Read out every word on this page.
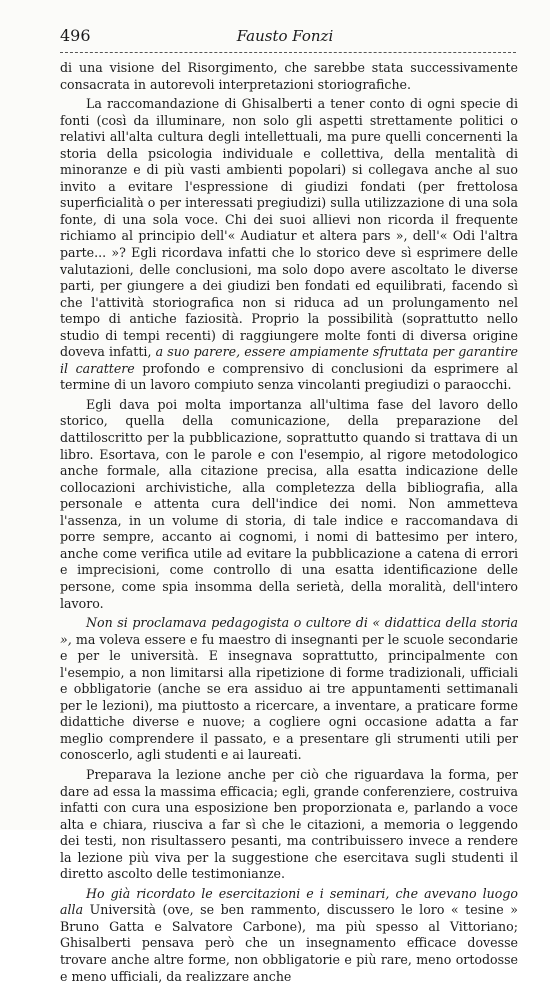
496	Fausto Fonzi

di una visione del Risorgimento, che sarebbe stata successivamente consacrata in autorevoli interpretazioni storiografiche.

La raccomandazione di Ghisalberti a tener conto di ogni specie di fonti (così da illuminare, non solo gli aspetti strettamente politici o relativi all'alta cultura degli intellettuali, ma pure quelli concernenti la storia della psicologia individuale e collettiva, della mentalità di minoranze e di più vasti ambienti popolari) si collegava anche al suo invito a evitare l'espressione di giudizi fondati (per frettolosa superficialità o per interessati pregiudizi) sulla utilizzazione di una sola fonte, di una sola voce. Chi dei suoi allievi non ricorda il frequente richiamo al principio dell'« Audiatur et altera pars », dell'« Odi l'altra parte... »? Egli ricordava infatti che lo storico deve sì esprimere delle valutazioni, delle conclusioni, ma solo dopo avere ascoltato le diverse parti, per giungere a dei giudizi ben fondati ed equilibrati, facendo sì che l'attività storiografica non si riduca ad un prolungamento nel tempo di antiche faziosità. Proprio la possibilità (soprattutto nello studio di tempi recenti) di raggiungere molte fonti di diversa origine doveva infatti, a suo parere, essere ampiamente sfruttata per garantire il carattere profondo e comprensivo di conclusioni da esprimere al termine di un lavoro compiuto senza vincolanti pregiudizi o paraocchi.

Egli dava poi molta importanza all'ultima fase del lavoro dello storico, quella della comunicazione, della preparazione del dattiloscritto per la pubblicazione, soprattutto quando si trattava di un libro. Esortava, con le parole e con l'esempio, al rigore metodologico anche formale, alla citazione precisa, alla esatta indicazione delle collocazioni archivistiche, alla completezza della bibliografia, alla personale e attenta cura dell'indice dei nomi. Non ammetteva l'assenza, in un volume di storia, di tale indice e raccomandava di porre sempre, accanto ai cognomi, i nomi di battesimo per intero, anche come verifica utile ad evitare la pubblicazione a catena di errori e imprecisioni, come controllo di una esatta identificazione delle persone, come spia insomma della serietà, della moralità, dell'intero lavoro.

Non si proclamava pedagogista o cultore di « didattica della storia », ma voleva essere e fu maestro di insegnanti per le scuole secondarie e per le università. E insegnava soprattutto, principalmente con l'esempio, a non limitarsi alla ripetizione di forme tradizionali, ufficiali e obbligatorie (anche se era assiduo ai tre appuntamenti settimanali per le lezioni), ma piuttosto a ricercare, a inventare, a praticare forme didattiche diverse e nuove; a cogliere ogni occasione adatta a far meglio comprendere il passato, e a presentare gli strumenti utili per conoscerlo, agli studenti e ai laureati.

Preparava la lezione anche per ciò che riguardava la forma, per dare ad essa la massima efficacia; egli, grande conferenziere, costruiva infatti con cura una esposizione ben proporzionata e, parlando a voce alta e chiara, riusciva a far sì che le citazioni, a memoria o leggendo dei testi, non risultassero pesanti, ma contribuissero invece a rendere la lezione più viva per la suggestione che esercitava sugli studenti il diretto ascolto delle testimonianze.

Ho già ricordato le esercitazioni e i seminari, che avevano luogo alla Università (ove, se ben rammento, discussero le loro « tesine » Bruno Gatta e Salvatore Carbone), ma più spesso al Vittoriano; Ghisalberti pensava però che un insegnamento efficace dovesse trovare anche altre forme, non obbligatorie e più rare, meno ortodosse e meno ufficiali, da realizzare anche
